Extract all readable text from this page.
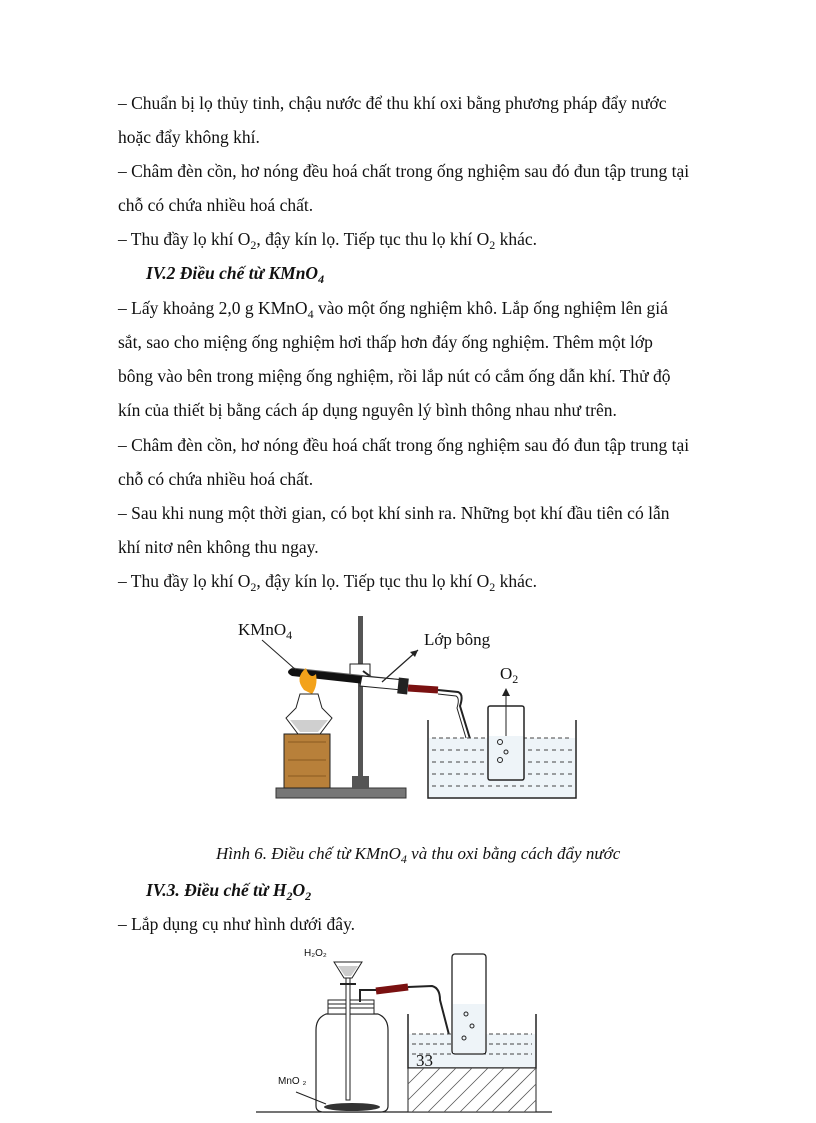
– Chuẩn bị lọ thủy tinh, chậu nước để thu khí oxi bằng phương pháp đẩy nước
hoặc đẩy không khí.
– Châm đèn cồn, hơ nóng đều hoá chất trong ống nghiệm sau đó đun tập trung tại
chỗ có chứa nhiều hoá chất.
– Thu đầy lọ khí $O_2$, đậy kín lọ. Tiếp tục thu lọ khí $O_2$ khác.
IV.2 Điều chế từ KMnO$_4$
– Lấy khoảng 2,0 g KMnO$_4$ vào một ống nghiệm khô. Lắp ống nghiệm lên giá
sắt, sao cho miệng ống nghiệm hơi thấp hơn đáy ống nghiệm. Thêm một lớp
bông vào bên trong miệng ống nghiệm, rồi lắp nút có cắm ống dẫn khí. Thử độ
kín của thiết bị bằng cách áp dụng nguyên lý bình thông nhau như trên.
– Châm đèn cồn, hơ nóng đều hoá chất trong ống nghiệm sau đó đun tập trung tại
chỗ có chứa nhiều hoá chất.
– Sau khi nung một thời gian, có bọt khí sinh ra. Những bọt khí đầu tiên có lẫn
khí nitơ nên không thu ngay.
– Thu đầy lọ khí $O_2$, đậy kín lọ. Tiếp tục thu lọ khí $O_2$ khác.
KMnO$_4$	Lớp bông
$O_2$
Hình 6. Điều chế từ KMnO$_4$ và thu oxi bằng cách đẩy nước
IV.3. Điều chế từ $H_2O_2$
– Lắp dụng cụ như hình dưới đây.
H₂O₂
MnO ₂
33
